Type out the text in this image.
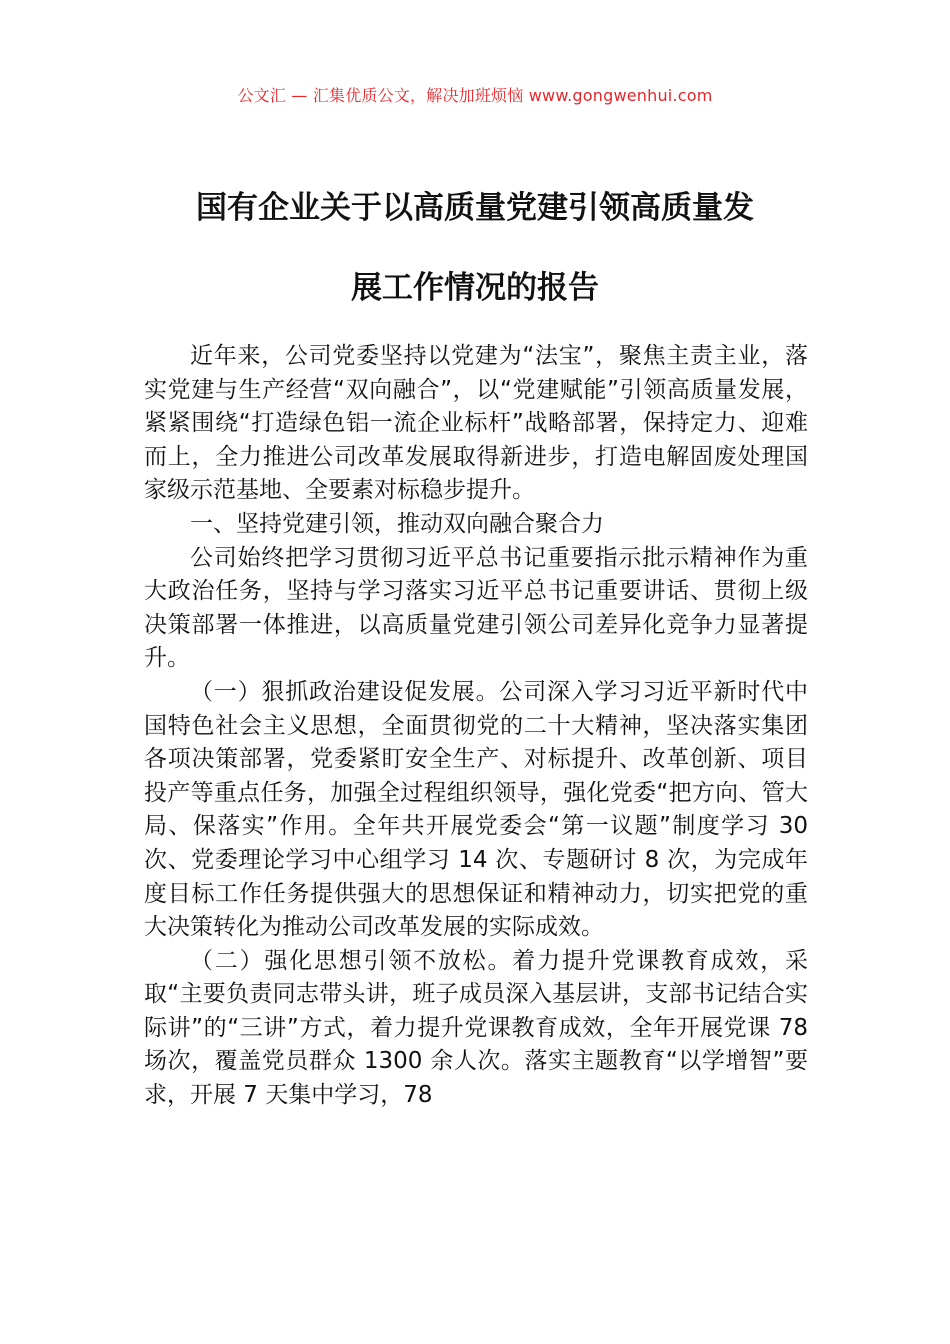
公文汇 — 汇集优质公文，解决加班烦恼 www.gongwenhui.com
国有企业关于以高质量党建引领高质量发
展工作情况的报告

近年来，公司党委坚持以党建为“法宝”，聚焦主责主业，落实党建与生产经营“双向融合”，以“党建赋能”引领高质量发展，紧紧围绕“打造绿色铝一流企业标杆”战略部署，保持定力、迎难而上，全力推进公司改革发展取得新进步，打造电解固废处理国家级示范基地、全要素对标稳步提升。

一、坚持党建引领，推动双向融合聚合力

公司始终把学习贯彻习近平总书记重要指示批示精神作为重大政治任务，坚持与学习落实习近平总书记重要讲话、贯彻上级决策部署一体推进，以高质量党建引领公司差异化竞争力显著提升。

（一）狠抓政治建设促发展。公司深入学习习近平新时代中国特色社会主义思想，全面贯彻党的二十大精神，坚决落实集团各项决策部署，党委紧盯安全生产、对标提升、改革创新、项目投产等重点任务，加强全过程组织领导，强化党委“把方向、管大局、保落实”作用。全年共开展党委会“第一议题”制度学习 30 次、党委理论学习中心组学习 14 次、专题研讨 8 次，为完成年度目标工作任务提供强大的思想保证和精神动力，切实把党的重大决策转化为推动公司改革发展的实际成效。

（二）强化思想引领不放松。着力提升党课教育成效，采取“主要负责同志带头讲，班子成员深入基层讲，支部书记结合实际讲”的“三讲”方式，着力提升党课教育成效，全年开展党课 78 场次，覆盖党员群众 1300 余人次。落实主题教育“以学增智”要求，开展 7 天集中学习，78
